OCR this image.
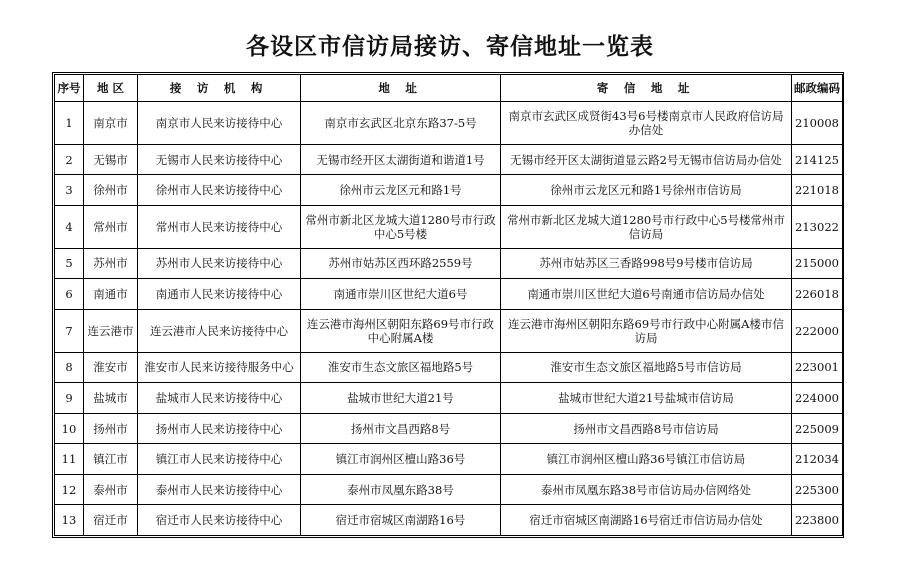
各设区市信访局接访、寄信地址一览表
序号	地 区	接 访 机 构	地 址	寄 信 地 址	邮政编码
1	南京市	南京市人民来访接待中心	南京市玄武区北京东路37-5号	南京市玄武区成贤街43号6号楼南京市人民政府信访局办信处	210008
2	无锡市	无锡市人民来访接待中心	无锡市经开区太湖街道和谐道1号	无锡市经开区太湖街道显云路2号无锡市信访局办信处	214125
3	徐州市	徐州市人民来访接待中心	徐州市云龙区元和路1号	徐州市云龙区元和路1号徐州市信访局	221018
4	常州市	常州市人民来访接待中心	常州市新北区龙城大道1280号市行政中心5号楼	常州市新北区龙城大道1280号市行政中心5号楼常州市信访局	213022
5	苏州市	苏州市人民来访接待中心	苏州市姑苏区西环路2559号	苏州市姑苏区三香路998号9号楼市信访局	215000
6	南通市	南通市人民来访接待中心	南通市崇川区世纪大道6号	南通市崇川区世纪大道6号南通市信访局办信处	226018
7	连云港市	连云港市人民来访接待中心	连云港市海州区朝阳东路69号市行政中心附属A楼	连云港市海州区朝阳东路69号市行政中心附属A楼市信访局	222000
8	淮安市	淮安市人民来访接待服务中心	淮安市生态文旅区福地路5号	淮安市生态文旅区福地路5号市信访局	223001
9	盐城市	盐城市人民来访接待中心	盐城市世纪大道21号	盐城市世纪大道21号盐城市信访局	224000
10	扬州市	扬州市人民来访接待中心	扬州市文昌西路8号	扬州市文昌西路8号市信访局	225009
11	镇江市	镇江市人民来访接待中心	镇江市润州区檀山路36号	镇江市润州区檀山路36号镇江市信访局	212034
12	泰州市	泰州市人民来访接待中心	泰州市凤凰东路38号	泰州市凤凰东路38号市信访局办信网络处	225300
13	宿迁市	宿迁市人民来访接待中心	宿迁市宿城区南湖路16号	宿迁市宿城区南湖路16号宿迁市信访局办信处	223800
